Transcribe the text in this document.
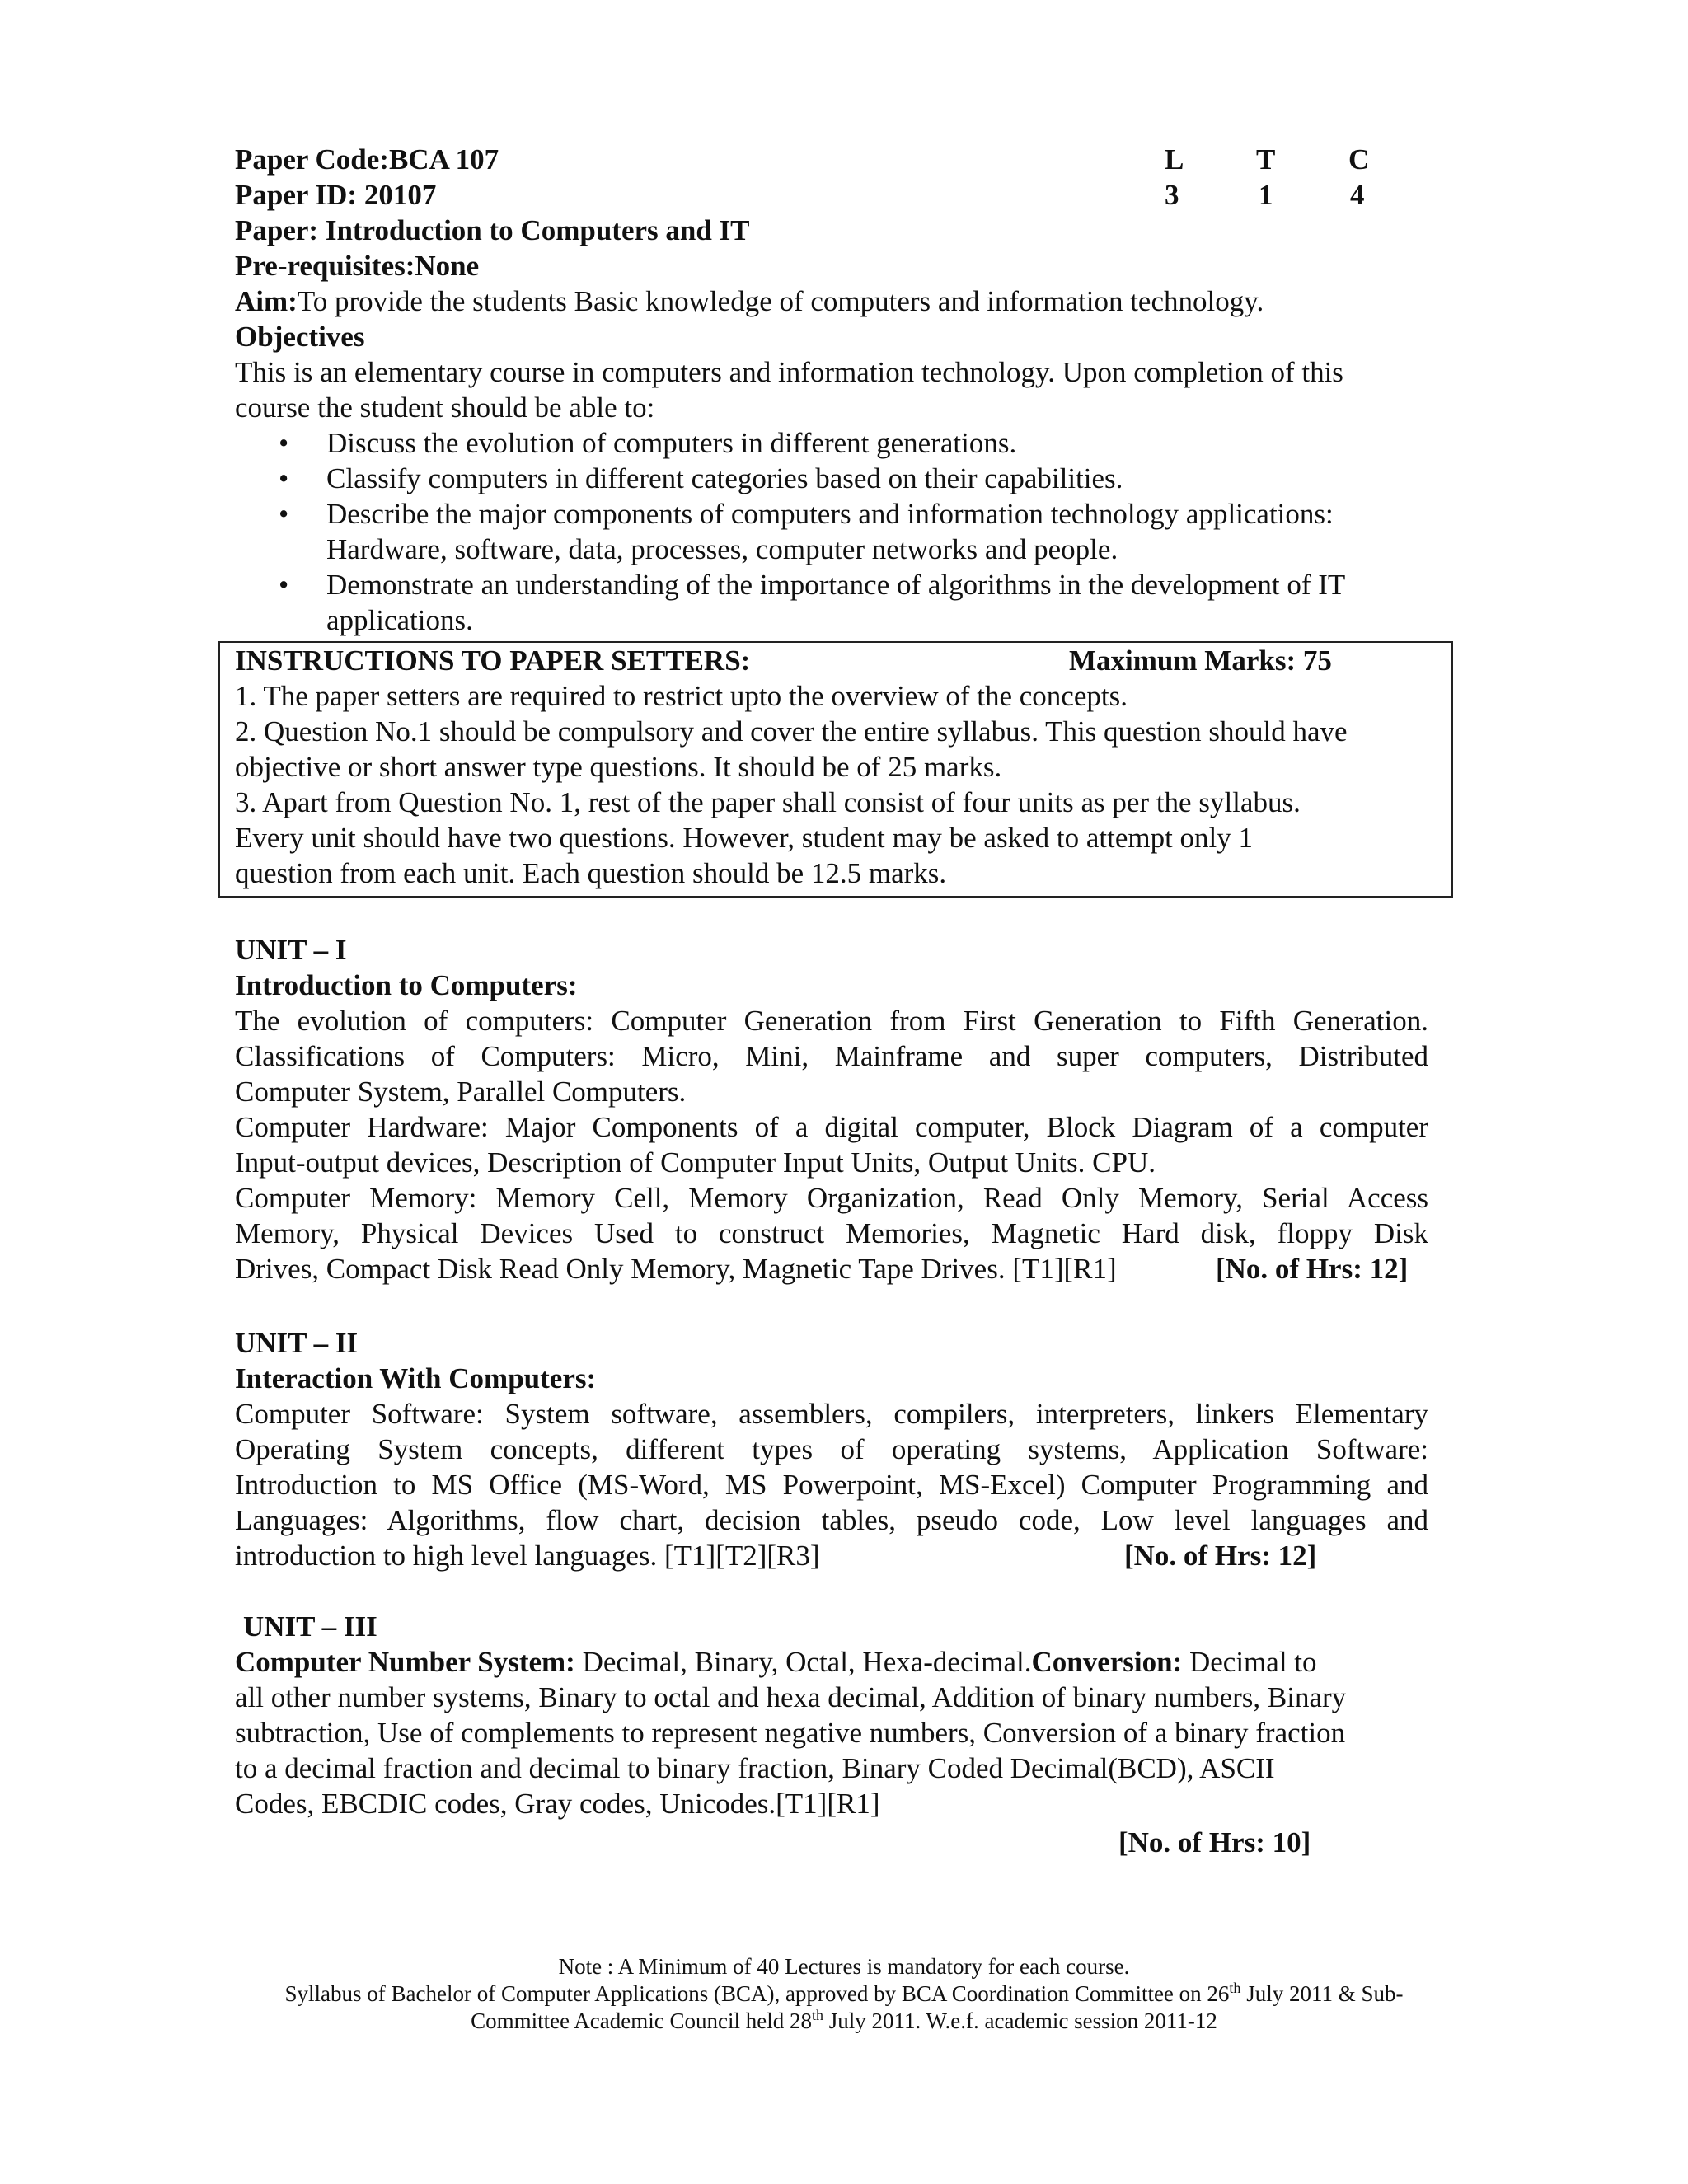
Paper Code:BCA 107
Paper ID: 20107
Paper: Introduction to Computers and IT
Pre-requisites:None
Aim:To provide the students Basic knowledge of computers and information technology.
L	T	C
3	1	4
Objectives
This is an elementary course in computers and information technology. Upon completion of this
course the student should be able to:
• Discuss the evolution of computers in different generations.
• Classify computers in different categories based on their capabilities.
• Describe the major components of computers and information technology applications:
Hardware, software, data, processes, computer networks and people.
• Demonstrate an understanding of the importance of algorithms in the development of IT
applications.
INSTRUCTIONS TO PAPER SETTERS:	Maximum Marks: 75
1. The paper setters are required to restrict upto the overview of the concepts.
2. Question No.1 should be compulsory and cover the entire syllabus. This question should have
objective or short answer type questions. It should be of 25 marks.
3. Apart from Question No. 1, rest of the paper shall consist of four units as per the syllabus.
Every unit should have two questions. However, student may be asked to attempt only 1
question from each unit. Each question should be 12.5 marks.
UNIT – I
Introduction to Computers:
The evolution of computers: Computer Generation from First Generation to Fifth Generation.
Classifications of Computers: Micro, Mini, Mainframe and super computers, Distributed
Computer System, Parallel Computers.
Computer Hardware: Major Components of a digital computer, Block Diagram of a computer
Input-output devices, Description of Computer Input Units, Output Units. CPU.
Computer Memory: Memory Cell, Memory Organization, Read Only Memory, Serial Access
Memory, Physical Devices Used to construct Memories, Magnetic Hard disk, floppy Disk
Drives, Compact Disk Read Only Memory, Magnetic Tape Drives. [T1][R1]	[No. of Hrs: 12]
UNIT – II
Interaction With Computers:
Computer Software: System software, assemblers, compilers, interpreters, linkers Elementary
Operating System concepts, different types of operating systems, Application Software:
Introduction to MS Office (MS-Word, MS Powerpoint, MS-Excel) Computer Programming and
Languages: Algorithms, flow chart, decision tables, pseudo code, Low level languages and
introduction to high level languages. [T1][T2][R3]	[No. of Hrs: 12]
UNIT – III
Computer Number System: Decimal, Binary, Octal, Hexa-decimal.Conversion: Decimal to
all other number systems, Binary to octal and hexa decimal, Addition of binary numbers, Binary
subtraction, Use of complements to represent negative numbers, Conversion of a binary fraction
to a decimal fraction and decimal to binary fraction, Binary Coded Decimal(BCD), ASCII
Codes, EBCDIC codes, Gray codes, Unicodes.[T1][R1]
[No. of Hrs: 10]
Note : A Minimum of 40 Lectures is mandatory for each course.
Syllabus of Bachelor of Computer Applications (BCA), approved by BCA Coordination Committee on 26th July 2011 & Sub-
Committee Academic Council held 28th July 2011. W.e.f. academic session 2011-12
